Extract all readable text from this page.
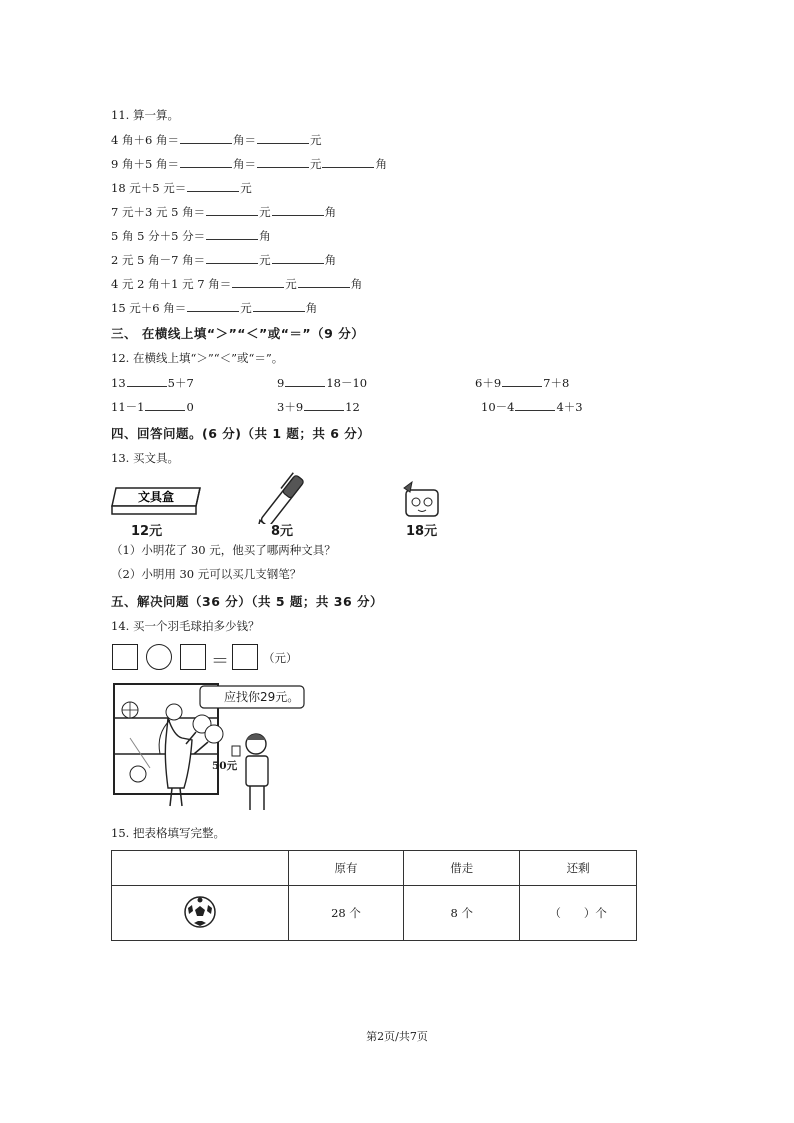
11. 算一算。
4 角＋6 角＝	角＝	元
9 角＋5 角＝	角＝	元	角
18 元＋5 元＝	元
7 元＋3 元 5 角＝	元	角
5 角 5 分＋5 分＝	角
2 元 5 角－7 角＝	元	角
4 元 2 角＋1 元 7 角＝	元	角
15 元＋6 角＝	元	角
三、 在横线上填“＞”“＜”或“＝”（9 分）
12. 在横线上填“＞”“＜”或“＝”。
13	5＋7	9	18－10	6＋9	7＋8
11－1	0	3＋9	12	10－4	4＋3
四、回答问题。(6 分)（共 1 题；共 6 分）
13. 买文具。
文具盒
12元	8元	18元
（1）小明花了 30 元，他买了哪两种文具？
（2）小明用 30 元可以买几支钢笔？
五、解决问题（36 分）（共 5 题；共 36 分）
14. 买一个羽毛球拍多少钱？
＝	（元）
应找你29元。
50元
15. 把表格填写完整。
	原有	借走	还剩
	28 个	8 个	（　　）个
第2页/共7页
